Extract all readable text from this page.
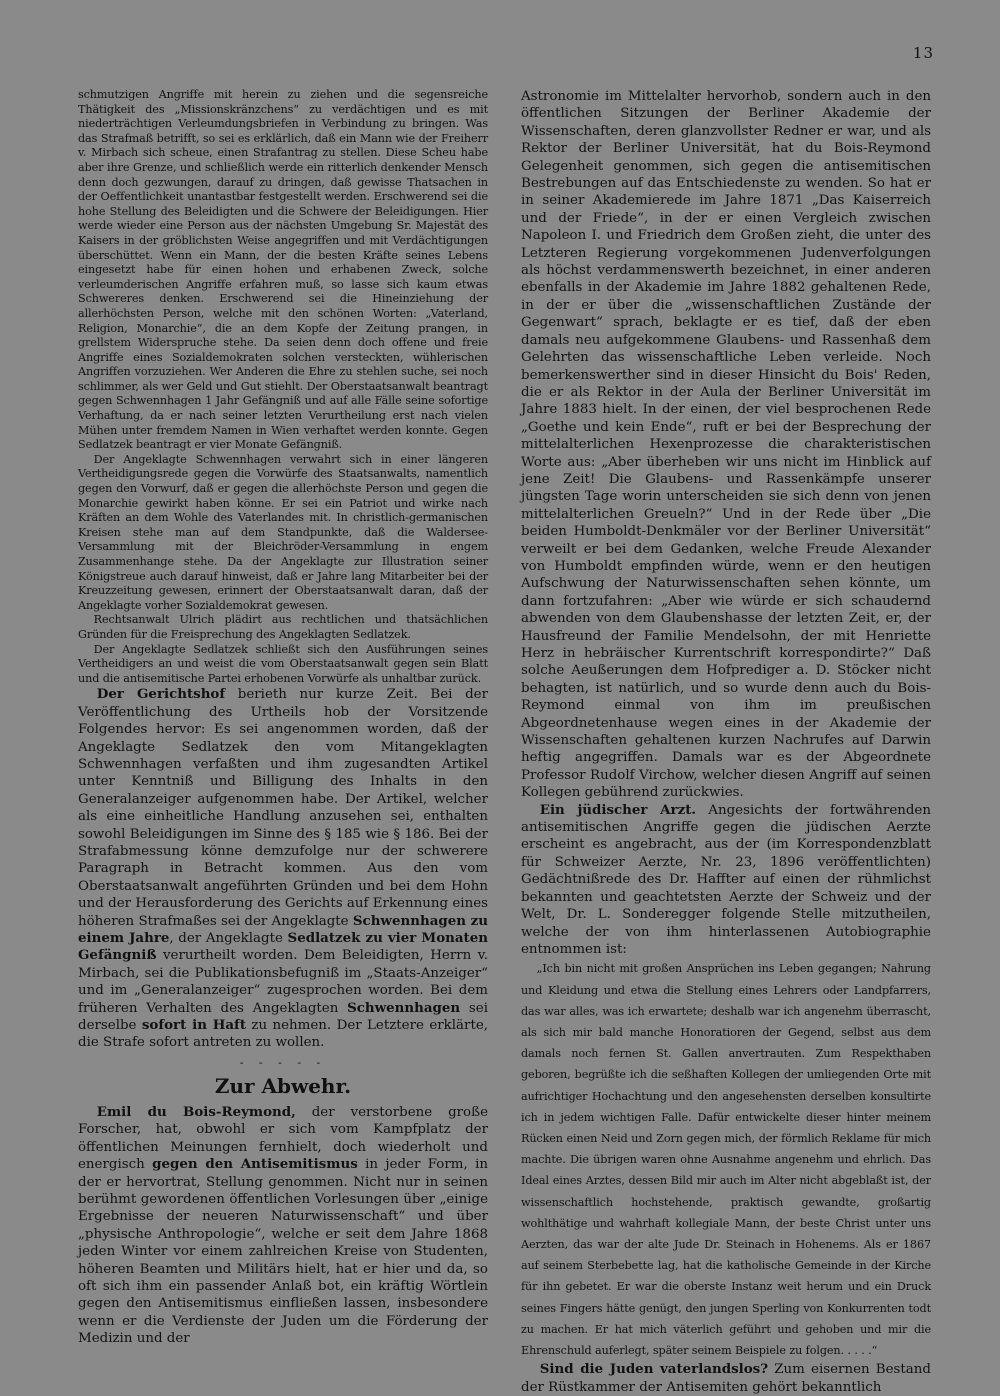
13

schmutzigen Angriffe mit herein zu ziehen und die segensreiche Thätigkeit des „Missionskränzchens“ zu verdächtigen und es mit niederträchtigen Verleumdungsbriefen in Verbindung zu bringen. Was das Strafmaß betrifft, so sei es erklärlich, daß ein Mann wie der Freiherr v. Mirbach sich scheue, einen Strafantrag zu stellen. Diese Scheu habe aber ihre Grenze, und schließlich werde ein ritterlich denkender Mensch denn doch gezwungen, darauf zu dringen, daß gewisse Thatsachen in der Oeffentlichkeit unantastbar festgestellt werden. Erschwerend sei die hohe Stellung des Beleidigten und die Schwere der Beleidigungen. Hier werde wieder eine Person aus der nächsten Umgebung Sr. Majestät des Kaisers in der gröblichsten Weise angegriffen und mit Verdächtigungen überschüttet. Wenn ein Mann, der die besten Kräfte seines Lebens eingesetzt habe für einen hohen und erhabenen Zweck, solche verleumderischen Angriffe erfahren muß, so lasse sich kaum etwas Schwereres denken. Erschwerend sei die Hineinziehung der allerhöchsten Person, welche mit den schönen Worten: „Vaterland, Religion, Monarchie“, die an dem Kopfe der Zeitung prangen, in grellstem Widerspruche stehe. Da seien denn doch offene und freie Angriffe eines Sozialdemokraten solchen versteckten, wühlerischen Angriffen vorzuziehen. Wer Anderen die Ehre zu stehlen suche, sei noch schlimmer, als wer Geld und Gut stiehlt. Der Oberstaatsanwalt beantragt gegen Schwennhagen 1 Jahr Gefängniß und auf alle Fälle seine sofortige Verhaftung, da er nach seiner letzten Verurtheilung erst nach vielen Mühen unter fremdem Namen in Wien verhaftet werden konnte. Gegen Sedlatzek beantragt er vier Monate Gefängniß.

Der Angeklagte Schwennhagen verwahrt sich in einer längeren Vertheidigungsrede gegen die Vorwürfe des Staatsanwalts, namentlich gegen den Vorwurf, daß er gegen die allerhöchste Person und gegen die Monarchie gewirkt haben könne. Er sei ein Patriot und wirke nach Kräften an dem Wohle des Vaterlandes mit. In christlich-germanischen Kreisen stehe man auf dem Standpunkte, daß die Waldersee-Versammlung mit der Bleichröder-Versammlung in engem Zusammenhange stehe. Da der Angeklagte zur Illustration seiner Königstreue auch darauf hinweist, daß er Jahre lang Mitarbeiter bei der Kreuzzeitung gewesen, erinnert der Oberstaatsanwalt daran, daß der Angeklagte vorher Sozialdemokrat gewesen.

Rechtsanwalt Ulrich plädirt aus rechtlichen und thatsächlichen Gründen für die Freisprechung des Angeklagten Sedlatzek.

Der Angeklagte Sedlatzek schließt sich den Ausführungen seines Vertheidigers an und weist die vom Oberstaatsanwalt gegen sein Blatt und die antisemitische Partei erhobenen Vorwürfe als unhaltbar zurück.

Der Gerichtshof berieth nur kurze Zeit. Bei der Veröffentlichung des Urtheils hob der Vorsitzende Folgendes hervor: Es sei angenommen worden, daß der Angeklagte Sedlatzek den vom Mitangeklagten Schwennhagen verfaßten und ihm zugesandten Artikel unter Kenntniß und Billigung des Inhalts in den Generalanzeiger aufgenommen habe. Der Artikel, welcher als eine einheitliche Handlung anzusehen sei, enthalten sowohl Beleidigungen im Sinne des § 185 wie § 186. Bei der Strafabmessung könne demzufolge nur der schwerere Paragraph in Betracht kommen. Aus den vom Oberstaatsanwalt angeführten Gründen und bei dem Hohn und der Herausforderung des Gerichts auf Erkennung eines höheren Strafmaßes sei der Angeklagte Schwennhagen zu einem Jahre, der Angeklagte Sedlatzek zu vier Monaten Gefängniß verurtheilt worden. Dem Beleidigten, Herrn v. Mirbach, sei die Publikationsbefugniß im „Staats-Anzeiger“ und im „Generalanzeiger“ zugesprochen worden. Bei dem früheren Verhalten des Angeklagten Schwennhagen sei derselbe sofort in Haft zu nehmen. Der Letztere erklärte, die Strafe sofort antreten zu wollen.

- - - - -
Zur Abwehr.

Emil du Bois-Reymond, der verstorbene große Forscher, hat, obwohl er sich vom Kampfplatz der öffentlichen Meinungen fernhielt, doch wiederholt und energisch gegen den Antisemitismus in jeder Form, in der er hervortrat, Stellung genommen. Nicht nur in seinen berühmt gewordenen öffentlichen Vorlesungen über „einige Ergebnisse der neueren Naturwissenschaft“ und über „physische Anthropologie“, welche er seit dem Jahre 1868 jeden Winter vor einem zahlreichen Kreise von Studenten, höheren Beamten und Militärs hielt, hat er hier und da, so oft sich ihm ein passender Anlaß bot, ein kräftig Wörtlein gegen den Antisemitismus einfließen lassen, insbesondere wenn er die Verdienste der Juden um die Förderung der Medizin und der

Astronomie im Mittelalter hervorhob, sondern auch in den öffentlichen Sitzungen der Berliner Akademie der Wissenschaften, deren glanzvollster Redner er war, und als Rektor der Berliner Universität, hat du Bois-Reymond Gelegenheit genommen, sich gegen die antisemitischen Bestrebungen auf das Entschiedenste zu wenden. So hat er in seiner Akademierede im Jahre 1871 „Das Kaiserreich und der Friede“, in der er einen Vergleich zwischen Napoleon I. und Friedrich dem Großen zieht, die unter des Letzteren Regierung vorgekommenen Judenverfolgungen als höchst verdammenswerth bezeichnet, in einer anderen ebenfalls in der Akademie im Jahre 1882 gehaltenen Rede, in der er über die „wissenschaftlichen Zustände der Gegenwart“ sprach, beklagte er es tief, daß der eben damals neu aufgekommene Glaubens- und Rassenhaß dem Gelehrten das wissenschaftliche Leben verleide. Noch bemerkenswerther sind in dieser Hinsicht du Bois' Reden, die er als Rektor in der Aula der Berliner Universität im Jahre 1883 hielt. In der einen, der viel besprochenen Rede „Goethe und kein Ende“, ruft er bei der Besprechung der mittelalterlichen Hexenprozesse die charakteristischen Worte aus: „Aber überheben wir uns nicht im Hinblick auf jene Zeit! Die Glaubens- und Rassenkämpfe unserer jüngsten Tage worin unterscheiden sie sich denn von jenen mittelalterlichen Greueln?“ Und in der Rede über „Die beiden Humboldt-Denkmäler vor der Berliner Universität“ verweilt er bei dem Gedanken, welche Freude Alexander von Humboldt empfinden würde, wenn er den heutigen Aufschwung der Naturwissenschaften sehen könnte, um dann fortzufahren: „Aber wie würde er sich schaudernd abwenden von dem Glaubenshasse der letzten Zeit, er, der Hausfreund der Familie Mendelsohn, der mit Henriette Herz in hebräischer Kurrentschrift korrespondirte?“ Daß solche Aeußerungen dem Hofprediger a. D. Stöcker nicht behagten, ist natürlich, und so wurde denn auch du Bois-Reymond einmal von ihm im preußischen Abgeordnetenhause wegen eines in der Akademie der Wissenschaften gehaltenen kurzen Nachrufes auf Darwin heftig angegriffen. Damals war es der Abgeordnete Professor Rudolf Virchow, welcher diesen Angriff auf seinen Kollegen gebührend zurückwies.

Ein jüdischer Arzt. Angesichts der fortwährenden antisemitischen Angriffe gegen die jüdischen Aerzte erscheint es angebracht, aus der (im Korrespondenzblatt für Schweizer Aerzte, Nr. 23, 1896 veröffentlichten) Gedächtnißrede des Dr. Haffter auf einen der rühmlichst bekannten und geachtetsten Aerzte der Schweiz und der Welt, Dr. L. Sonderegger folgende Stelle mitzutheilen, welche der von ihm hinterlassenen Autobiographie entnommen ist:

„Ich bin nicht mit großen Ansprüchen ins Leben gegangen; Nahrung und Kleidung und etwa die Stellung eines Lehrers oder Landpfarrers, das war alles, was ich erwartete; deshalb war ich angenehm überrascht, als sich mir bald manche Honoratioren der Gegend, selbst aus dem damals noch fernen St. Gallen anvertrauten. Zum Respekthaben geboren, begrüßte ich die seßhaften Kollegen der umliegenden Orte mit aufrichtiger Hochachtung und den angesehensten derselben konsultirte ich in jedem wichtigen Falle. Dafür entwickelte dieser hinter meinem Rücken einen Neid und Zorn gegen mich, der förmlich Reklame für mich machte. Die übrigen waren ohne Ausnahme angenehm und ehrlich. Das Ideal eines Arztes, dessen Bild mir auch im Alter nicht abgeblaßt ist, der wissenschaftlich hochstehende, praktisch gewandte, großartig wohlthätige und wahrhaft kollegiale Mann, der beste Christ unter uns Aerzten, das war der alte Jude Dr. Steinach in Hohenems. Als er 1867 auf seinem Sterbebette lag, hat die katholische Gemeinde in der Kirche für ihn gebetet. Er war die oberste Instanz weit herum und ein Druck seines Fingers hätte genügt, den jungen Sperling von Konkurrenten todt zu machen. Er hat mich väterlich geführt und gehoben und mir die Ehrenschuld auferlegt, später seinem Beispiele zu folgen. . . . .“

Sind die Juden vaterlandslos? Zum eisernen Bestand der Rüstkammer der Antisemiten gehört bekanntlich
